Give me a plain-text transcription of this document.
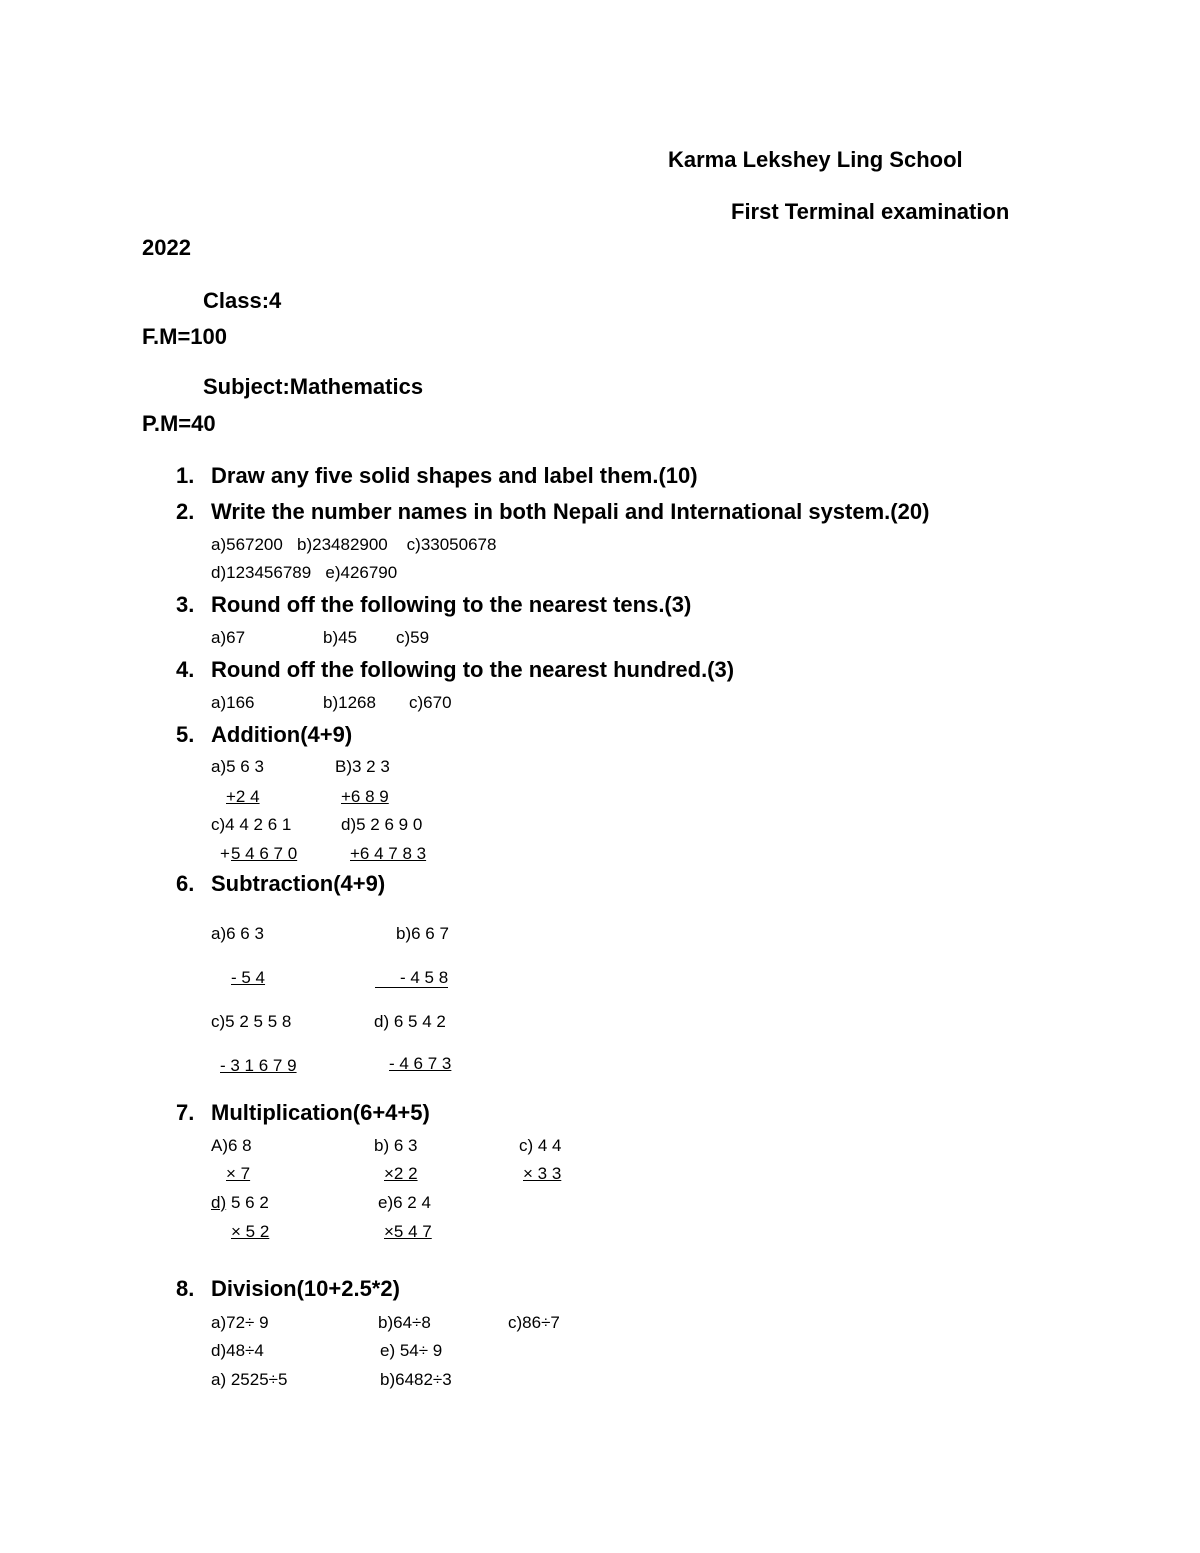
Karma Lekshey Ling School
First Terminal examination
2022
Class:4
F.M=100
Subject:Mathematics
P.M=40
1. Draw any five solid shapes and label them.(10)
2. Write the number names in both Nepali and International system.(20)
a)567200   b)23482900    c)33050678
d)123456789   e)426790
3. Round off the following to the nearest tens.(3)
a)67	b)45 c)59
4. Round off the following to the nearest hundred.(3)
a)166	b)1268 c)670
5. Addition(4+9)
a)5 6 3	B)3 2 3
+2 4	+6 8 9
c)4 4 2 6 1	d)5 2 6 9 0
+ 5 4 6 7 0	+6 4 7 8 3
6. Subtraction(4+9)
a)6 6 3	b)6 6 7
- 5 4	- 4 5 8
c)5 2 5 5 8	d) 6 5 4 2
- 3 1 6 7 9	- 4 6 7 3
7. Multiplication(6+4+5)
A)6 8	b) 6 3	c) 4 4
× 7	×2 2	× 3 3
d) 5 6 2	e)6 2 4
× 5 2	×5 4 7
8. Division(10+2.5*2)
a)72÷ 9	b)64÷8	c)86÷7
d)48÷4	e) 54÷ 9
a) 2525÷5	b)6482÷3
